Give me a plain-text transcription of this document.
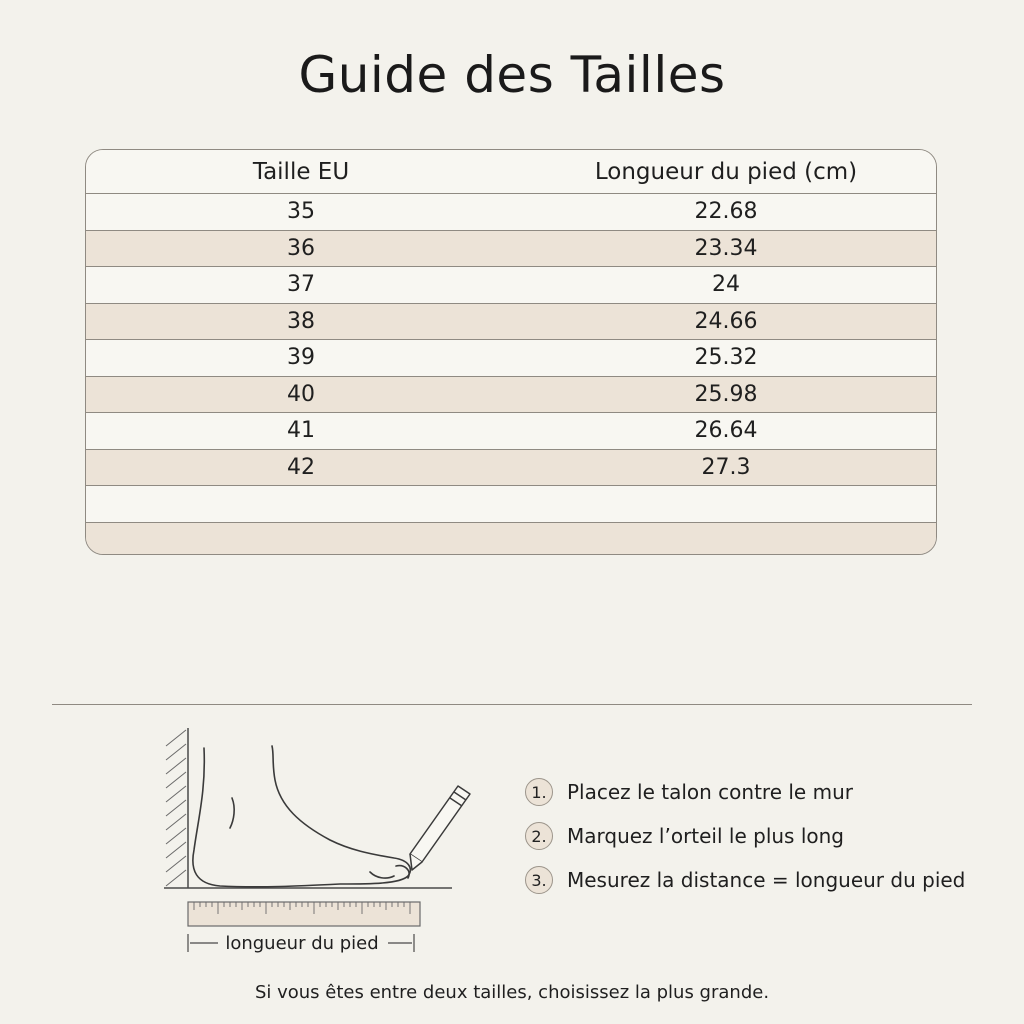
Guide des Tailles
Taille EU	Longueur du pied (cm)
35	22.68
36	23.34
37	24
38	24.66
39	25.32
40	25.98
41	26.64
42	27.3
longueur du pied
1.	Placez le talon contre le mur
2.	Marquez l’orteil le plus long
3.	Mesurez la distance = longueur du pied
Si vous êtes entre deux tailles, choisissez la plus grande.
